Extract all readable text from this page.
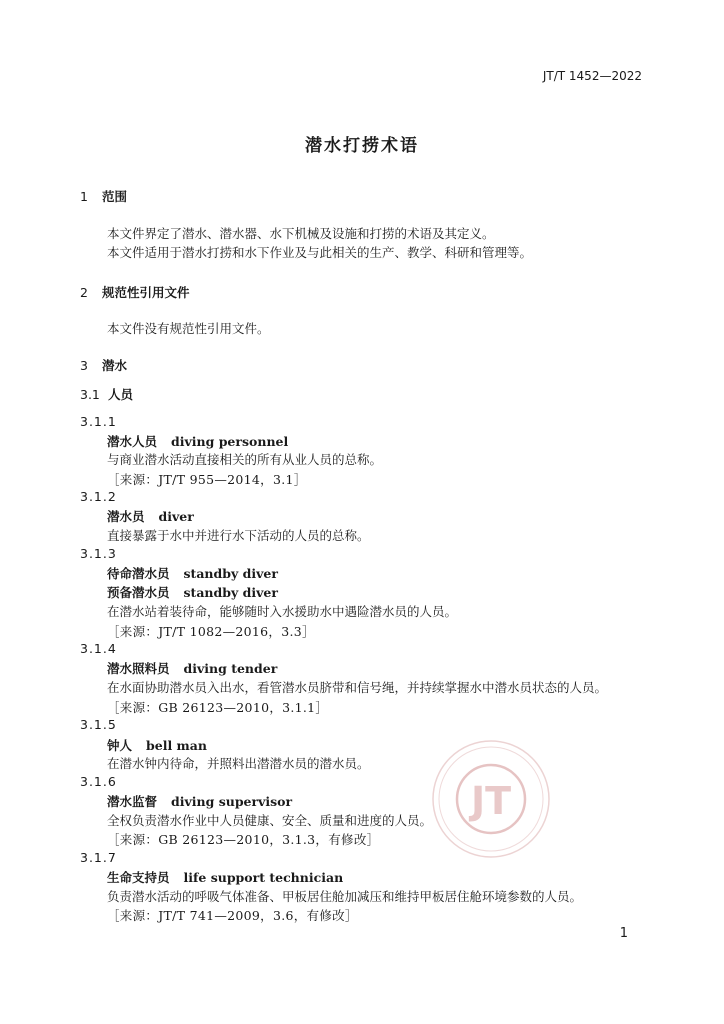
JT/T 1452—2022
潜水打捞术语
1 范围
本文件界定了潜水、潜水器、水下机械及设施和打捞的术语及其定义。
本文件适用于潜水打捞和水下作业及与此相关的生产、教学、科研和管理等。
2 规范性引用文件
本文件没有规范性引用文件。
3 潜水
3.1 人员
3.1.1
潜水人员 diving personnel
与商业潜水活动直接相关的所有从业人员的总称。
［来源：JT/T 955—2014，3.1］
3.1.2
潜水员 diver
直接暴露于水中并进行水下活动的人员的总称。
3.1.3
待命潜水员 standby diver
预备潜水员 standby diver
在潜水站着装待命，能够随时入水援助水中遇险潜水员的人员。
［来源：JT/T 1082—2016，3.3］
3.1.4
潜水照料员 diving tender
在水面协助潜水员入出水，看管潜水员脐带和信号绳，并持续掌握水中潜水员状态的人员。
［来源：GB 26123—2010，3.1.1］
3.1.5
钟人 bell man
在潜水钟内待命，并照料出潜潜水员的潜水员。
3.1.6
潜水监督 diving supervisor
全权负责潜水作业中人员健康、安全、质量和进度的人员。
［来源：GB 26123—2010，3.1.3，有修改］
3.1.7
生命支持员 life support technician
负责潜水活动的呼吸气体准备、甲板居住舱加减压和维持甲板居住舱环境参数的人员。
［来源：JT/T 741—2009，3.6，有修改］
JT
1
